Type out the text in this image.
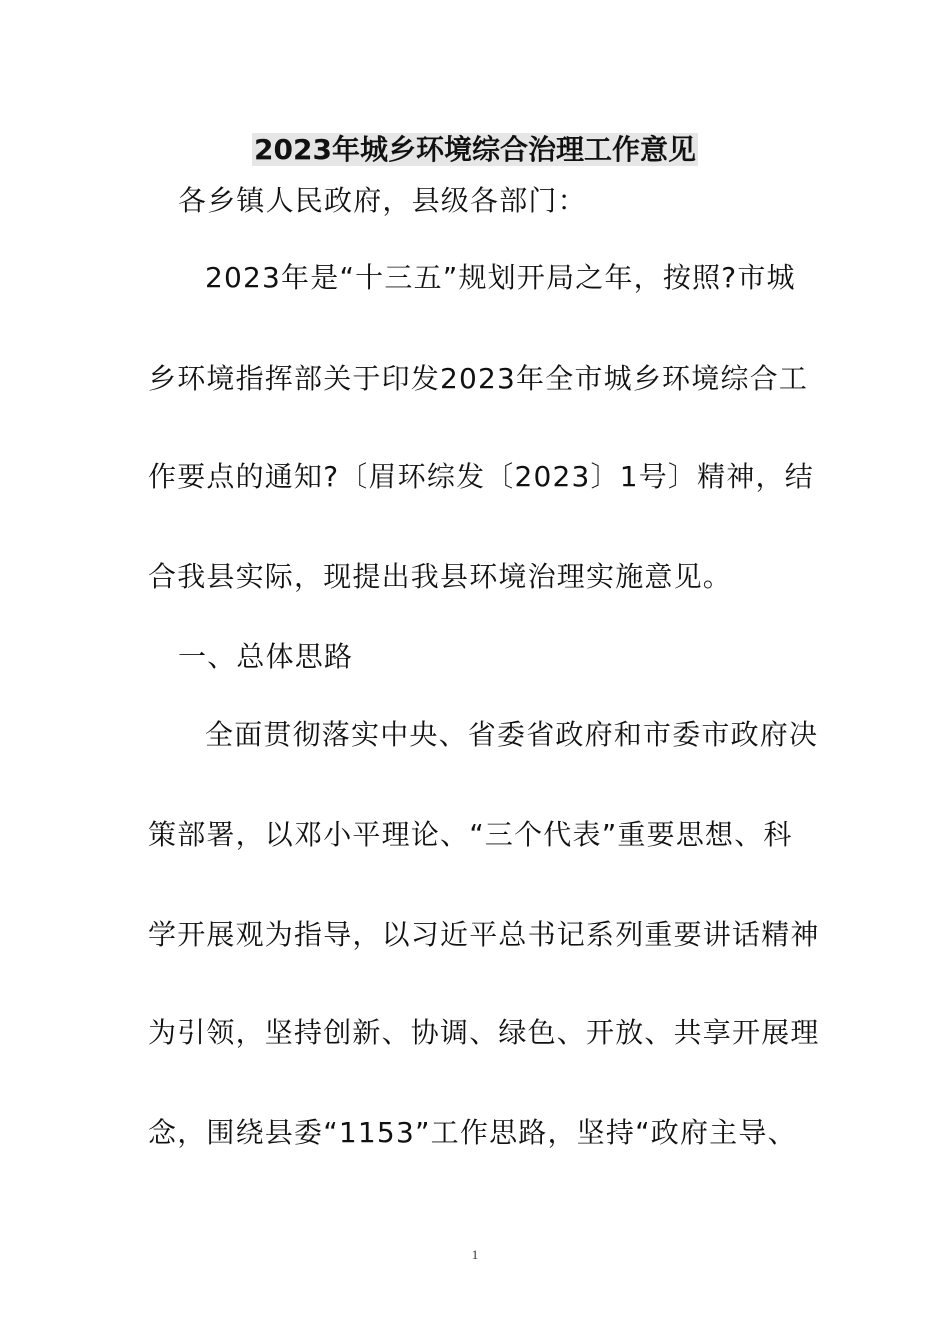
2023年城乡环境综合治理工作意见
各乡镇人民政府，县级各部门：
2023年是“十三五”规划开局之年，按照?市城
乡环境指挥部关于印发2023年全市城乡环境综合工
作要点的通知?〔眉环综发〔2023〕1号〕精神，结
合我县实际，现提出我县环境治理实施意见。
一、总体思路
全面贯彻落实中央、省委省政府和市委市政府决
策部署，以邓小平理论、“三个代表”重要思想、科
学开展观为指导，以习近平总书记系列重要讲话精神
为引领，坚持创新、协调、绿色、开放、共享开展理
念，围绕县委“1153”工作思路，坚持“政府主导、
1
